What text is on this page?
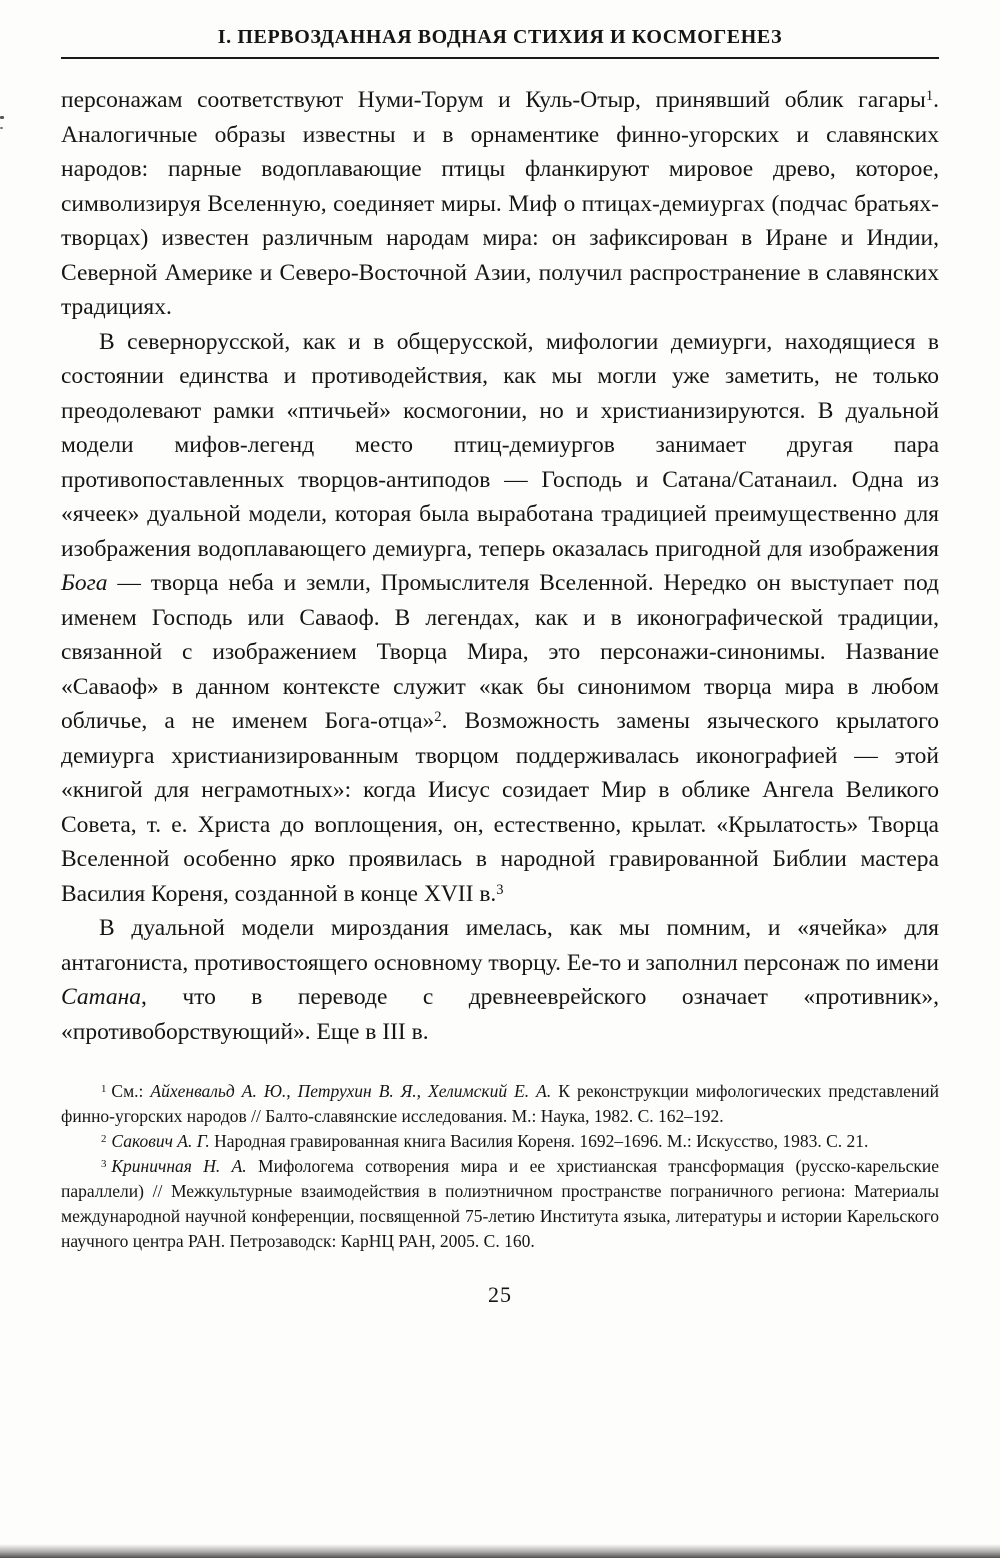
I. ПЕРВОЗДАННАЯ ВОДНАЯ СТИХИЯ И КОСМОГЕНЕЗ

персонажам соответствуют Нуми-Торум и Куль-Отыр, принявший облик гагары$^1$. Аналогичные образы известны и в орнаментике финно-угорских и славянских народов: парные водоплавающие птицы фланкируют мировое древо, которое, символизируя Вселенную, соединяет миры. Миф о птицах-демиургах (подчас братьях-творцах) известен различным народам мира: он зафиксирован в Иране и Индии, Северной Америке и Северо-Восточной Азии, получил распространение в славянских традициях.

В севернорусской, как и в общерусской, мифологии демиурги, находящиеся в состоянии единства и противодействия, как мы могли уже заметить, не только преодолевают рамки «птичьей» космогонии, но и христианизируются. В дуальной модели мифов-легенд место птиц-демиургов занимает другая пара противопоставленных творцов-антиподов — Господь и Сатана/Сатанаил. Одна из «ячеек» дуальной модели, которая была выработана традицией преимущественно для изображения водоплавающего демиурга, теперь оказалась пригодной для изображения Бога — творца неба и земли, Промыслителя Вселенной. Нередко он выступает под именем Господь или Саваоф. В легендах, как и в иконографической традиции, связанной с изображением Творца Мира, это персонажи-синонимы. Название «Саваоф» в данном контексте служит «как бы синонимом творца мира в любом обличье, а не именем Бога-отца»$^2$. Возможность замены языческого крылатого демиурга христианизированным творцом поддерживалась иконографией — этой «книгой для неграмотных»: когда Иисус созидает Мир в облике Ангела Великого Совета, т. е. Христа до воплощения, он, естественно, крылат. «Крылатость» Творца Вселенной особенно ярко проявилась в народной гравированной Библии мастера Василия Кореня, созданной в конце XVII в.$^3$

В дуальной модели мироздания имелась, как мы помним, и «ячейка» для антагониста, противостоящего основному творцу. Ее-то и заполнил персонаж по имени Сатана, что в переводе с древнееврейского означает «противник», «противоборствующий». Еще в III в.

$^1$ См.: Айхенвальд А. Ю., Петрухин В. Я., Хелимский Е. А. К реконструкции мифологических представлений финно-угорских народов // Балто-славянские исследования. М.: Наука, 1982. С. 162–192.

$^2$ Сакович А. Г. Народная гравированная книга Василия Кореня. 1692–1696. М.: Искусство, 1983. С. 21.

$^3$ Криничная Н. А. Мифологема сотворения мира и ее христианская трансформация (русско-карельские параллели) // Межкультурные взаимодействия в полиэтничном пространстве пограничного региона: Материалы международной научной конференции, посвященной 75-летию Института языка, литературы и истории Карельского научного центра РАН. Петрозаводск: КарНЦ РАН, 2005. С. 160.

25
